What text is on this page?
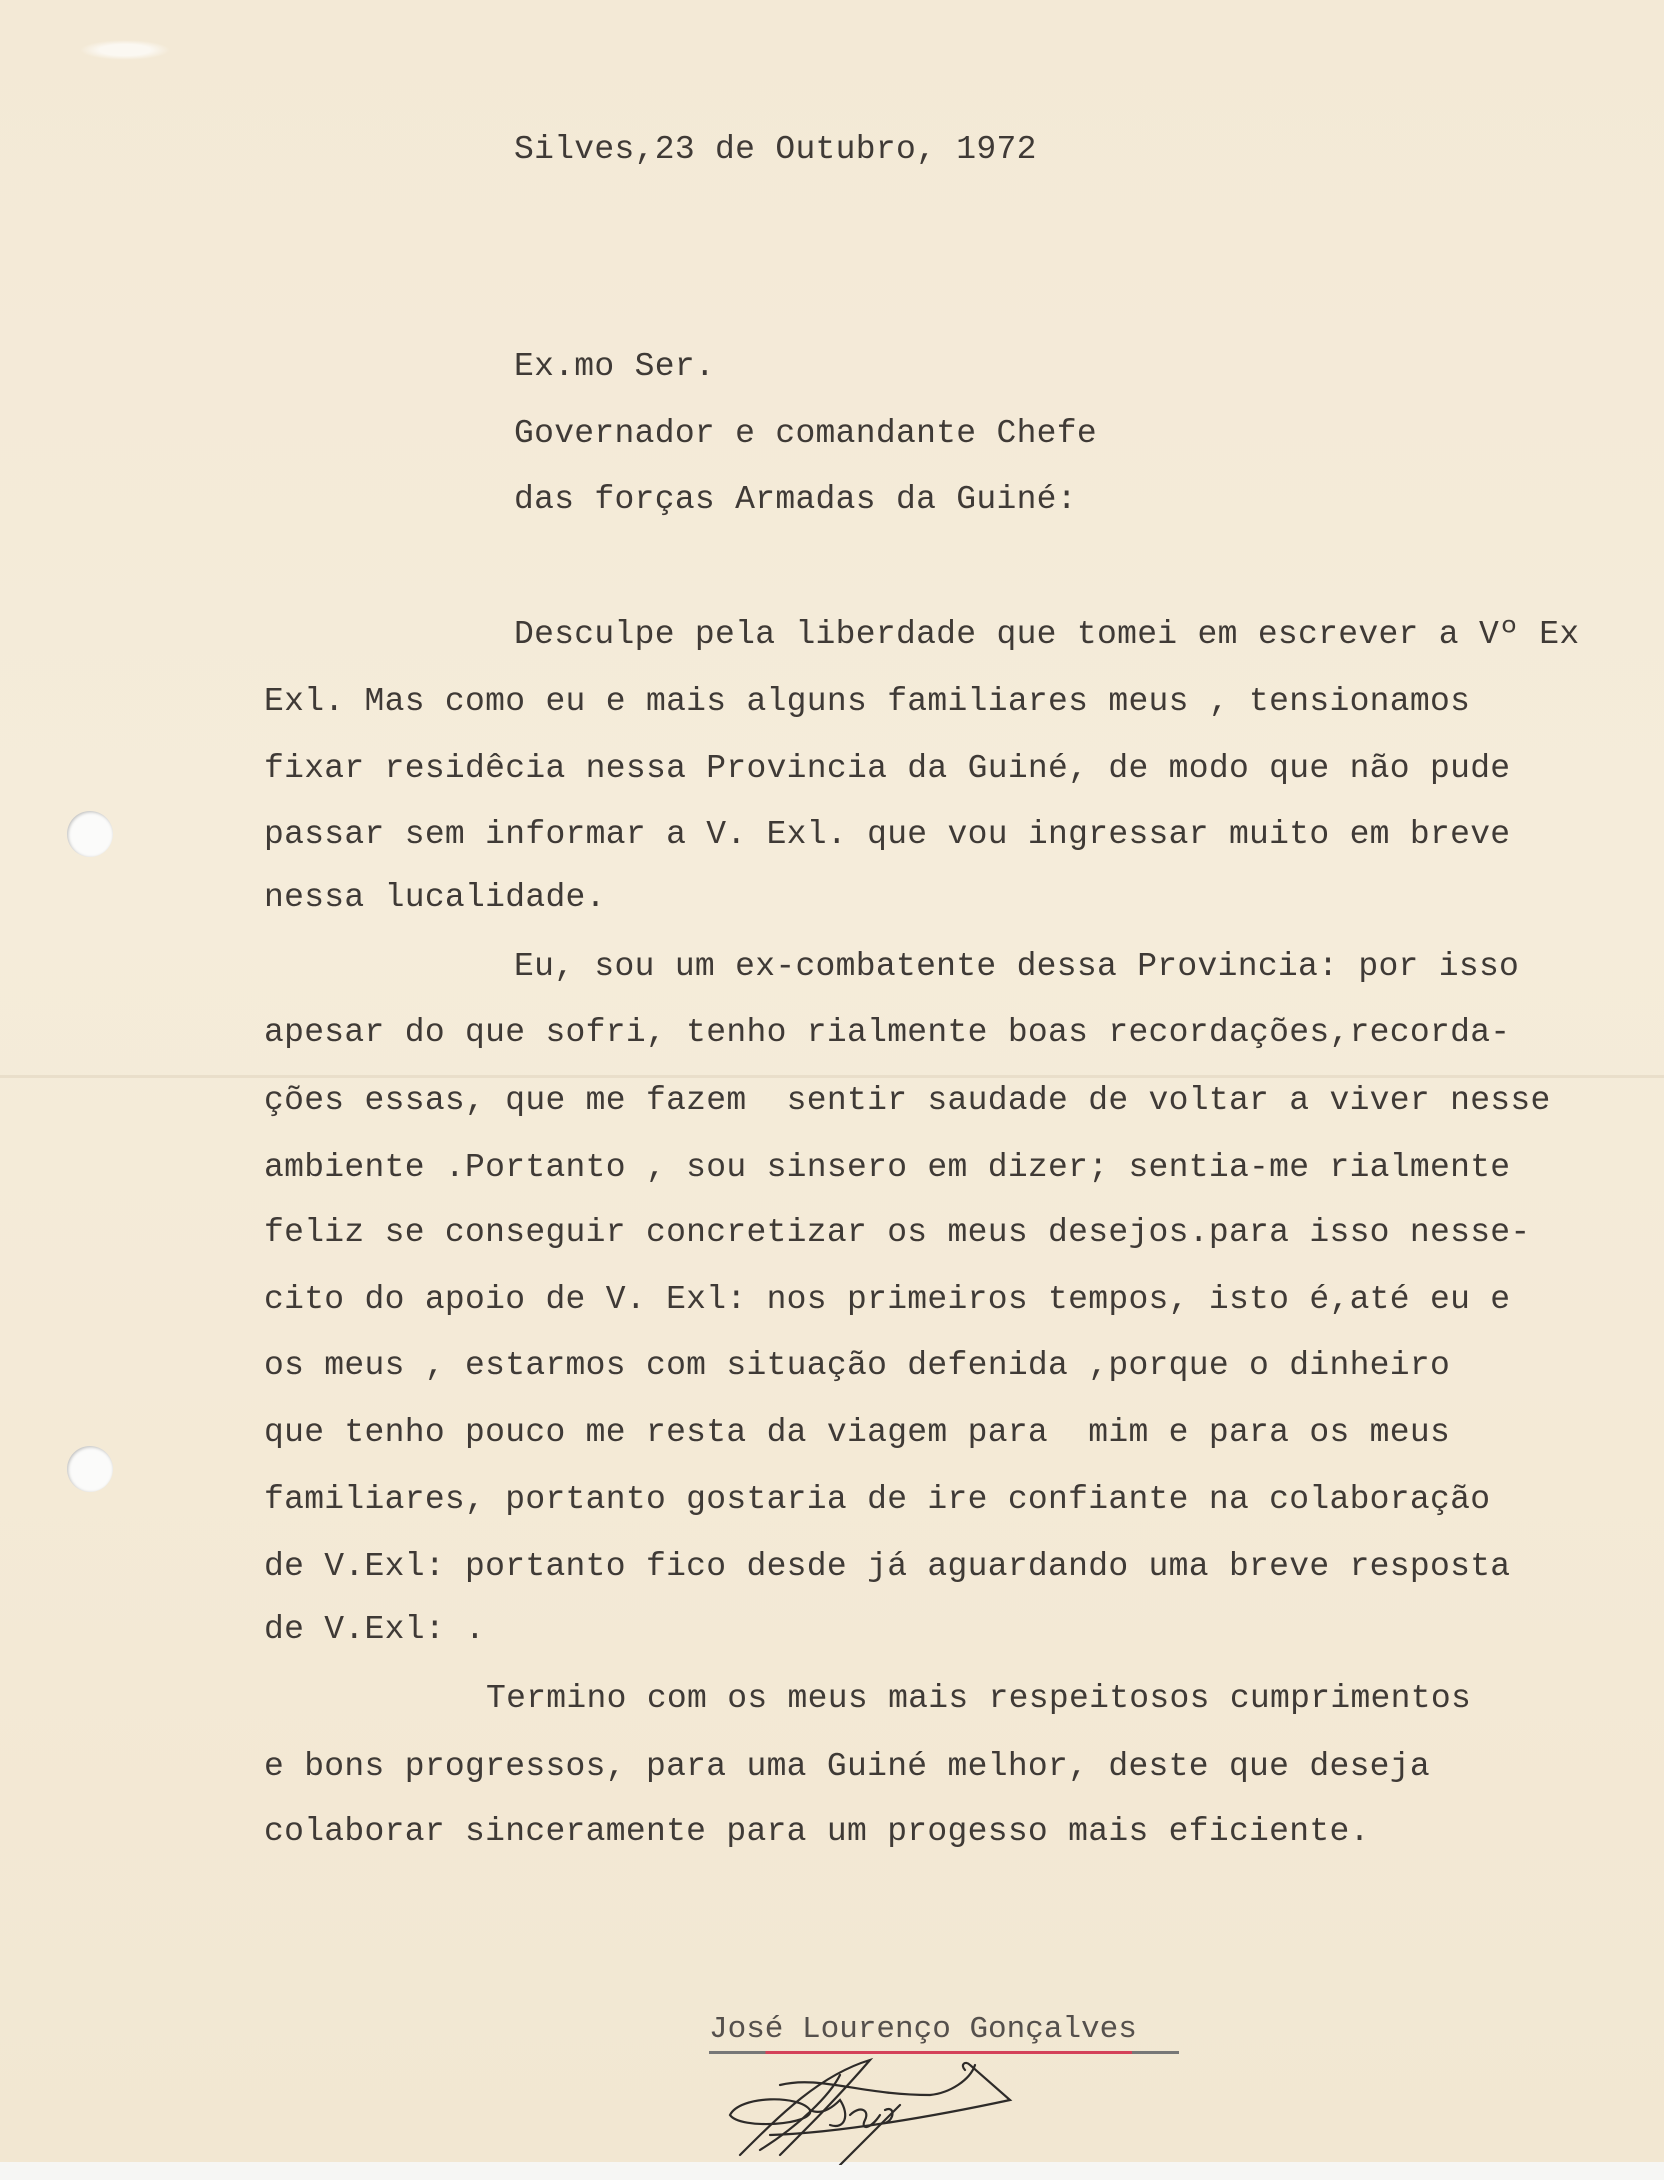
Silves,23 de Outubro, 1972
Ex.mo Ser.
Governador e comandante Chefe
das forças Armadas da Guiné:
Desculpe pela liberdade que tomei em escrever a Vº Ex
Exl. Mas como eu e mais alguns familiares meus , tensionamos
fixar residêcia nessa Provincia da Guiné, de modo que não pude
passar sem informar a V. Exl. que vou ingressar muito em breve
nessa lucalidade.
Eu, sou um ex-combatente dessa Provincia: por isso
apesar do que sofri, tenho rialmente boas recordações,recorda-
ções essas, que me fazem  sentir saudade de voltar a viver nesse
ambiente .Portanto , sou sinsero em dizer; sentia-me rialmente
feliz se conseguir concretizar os meus desejos.para isso nesse-
cito do apoio de V. Exl: nos primeiros tempos, isto é,até eu e
os meus , estarmos com situação defenida ,porque o dinheiro
que tenho pouco me resta da viagem para  mim e para os meus
familiares, portanto gostaria de ire confiante na colaboração
de V.Exl: portanto fico desde já aguardando uma breve resposta
de V.Exl: .
Termino com os meus mais respeitosos cumprimentos
e bons progressos, para uma Guiné melhor, deste que deseja
colaborar sinceramente para um progesso mais eficiente.
José Lourenço Gonçalves
